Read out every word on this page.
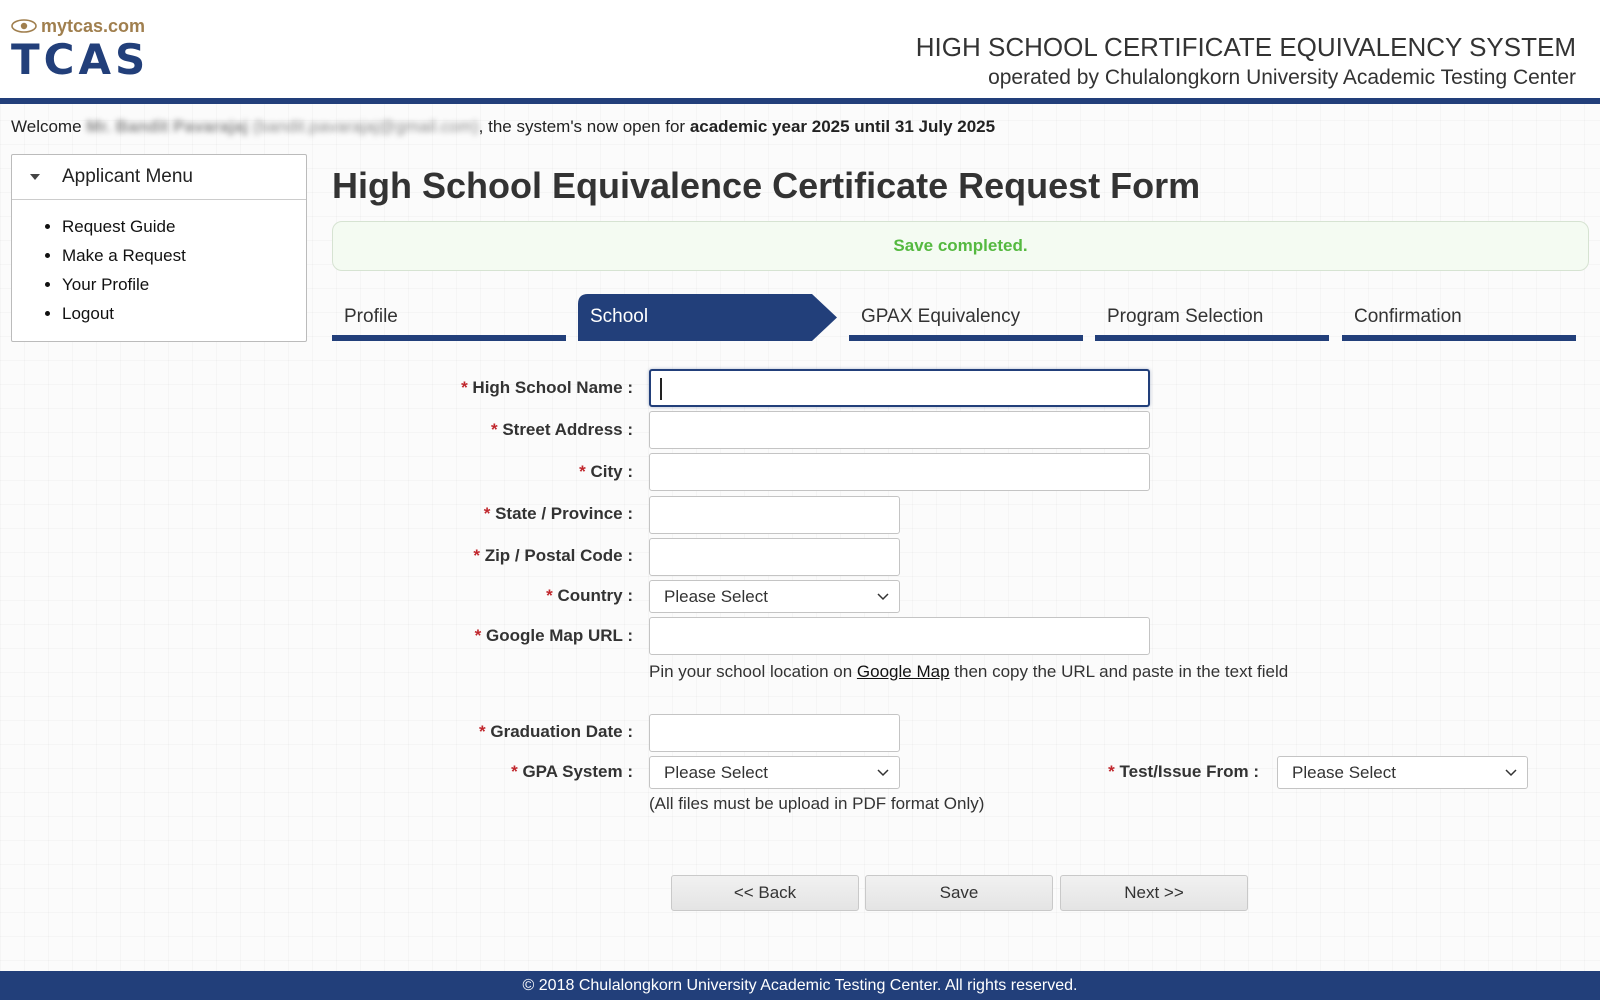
mytcas.com
TCAS	HIGH SCHOOL CERTIFICATE EQUIVALENCY SYSTEM
operated by Chulalongkorn University Academic Testing Center
Welcome Mr. Bandit Pavarajaj (bandit.pavarajaj@gmail.com), the system's now open for academic year 2025 until 31 July 2025
Applicant Menu
• Request Guide
• Make a Request
• Your Profile
• Logout
High School Equivalence Certificate Request Form
Save completed.
Profile	School	GPAX Equivalency	Program Selection	Confirmation
* High School Name :
* Street Address :
* City :
* State / Province :
* Zip / Postal Code :
* Country :	Please Select
* Google Map URL :
Pin your school location on Google Map then copy the URL and paste in the text field
* Graduation Date :
* GPA System :	Please Select	* Test/Issue From :	Please Select
(All files must be upload in PDF format Only)
<< Back	Save	Next >>
© 2018 Chulalongkorn University Academic Testing Center. All rights reserved.
